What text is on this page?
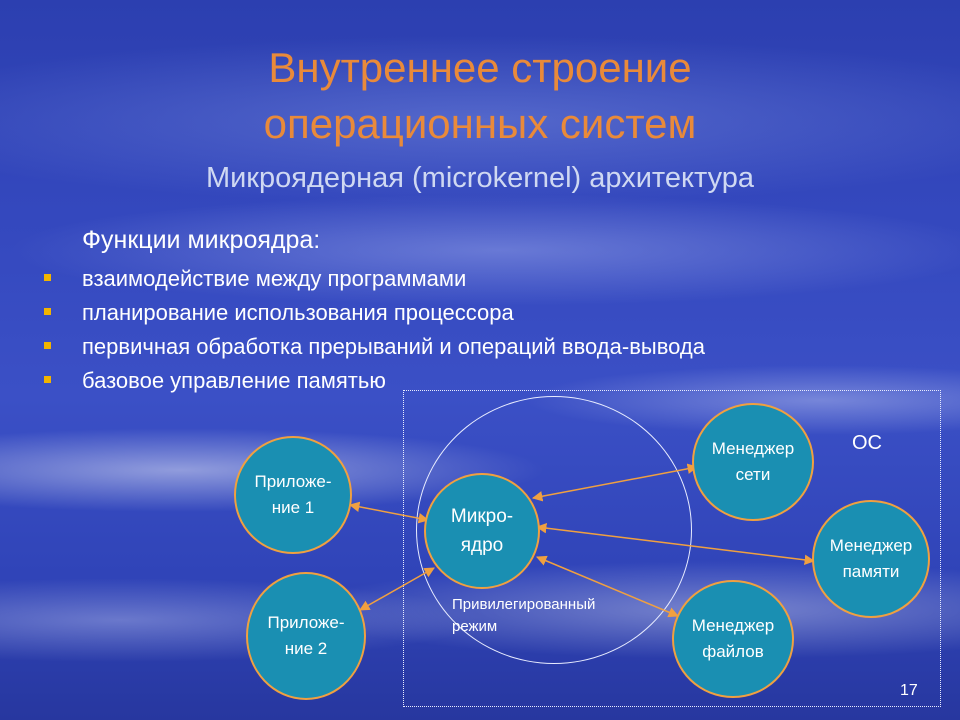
Внутреннее строение
операционных систем
Микроядерная (microkernel) архитектура
Функции микроядра:
взаимодействие между программами
планирование использования процессора
первичная обработка прерываний и операций ввода-вывода
базовое управление памятью
Приложе-
ние 1
Приложе-
ние 2
Микро-
ядро
Менеджер
сети
Менеджер
памяти
Менеджер
файлов
ОС
Привилегированный
режим
17
